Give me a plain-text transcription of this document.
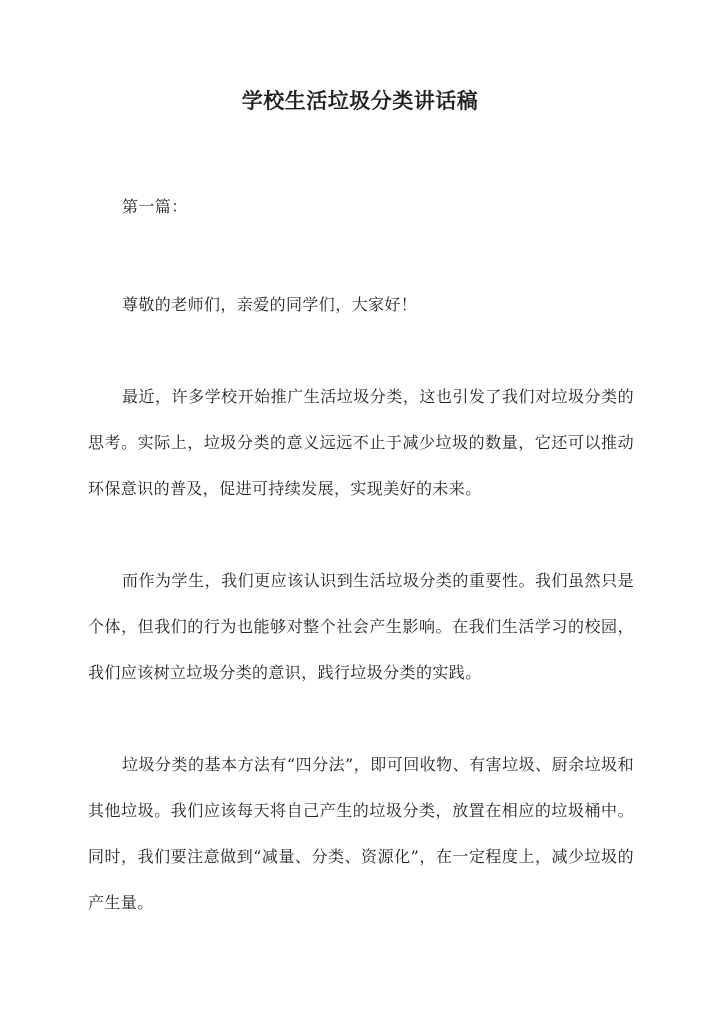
学校生活垃圾分类讲话稿
第一篇：
尊敬的老师们，亲爱的同学们，大家好！
最近，许多学校开始推广生活垃圾分类，这也引发了我们对垃圾分类的思考。实际上，垃圾分类的意义远远不止于减少垃圾的数量，它还可以推动环保意识的普及，促进可持续发展，实现美好的未来。
而作为学生，我们更应该认识到生活垃圾分类的重要性。我们虽然只是个体，但我们的行为也能够对整个社会产生影响。在我们生活学习的校园，我们应该树立垃圾分类的意识，践行垃圾分类的实践。
垃圾分类的基本方法有“四分法”，即可回收物、有害垃圾、厨余垃圾和其他垃圾。我们应该每天将自己产生的垃圾分类，放置在相应的垃圾桶中。同时，我们要注意做到“减量、分类、资源化”，在一定程度上，减少垃圾的产生量。
